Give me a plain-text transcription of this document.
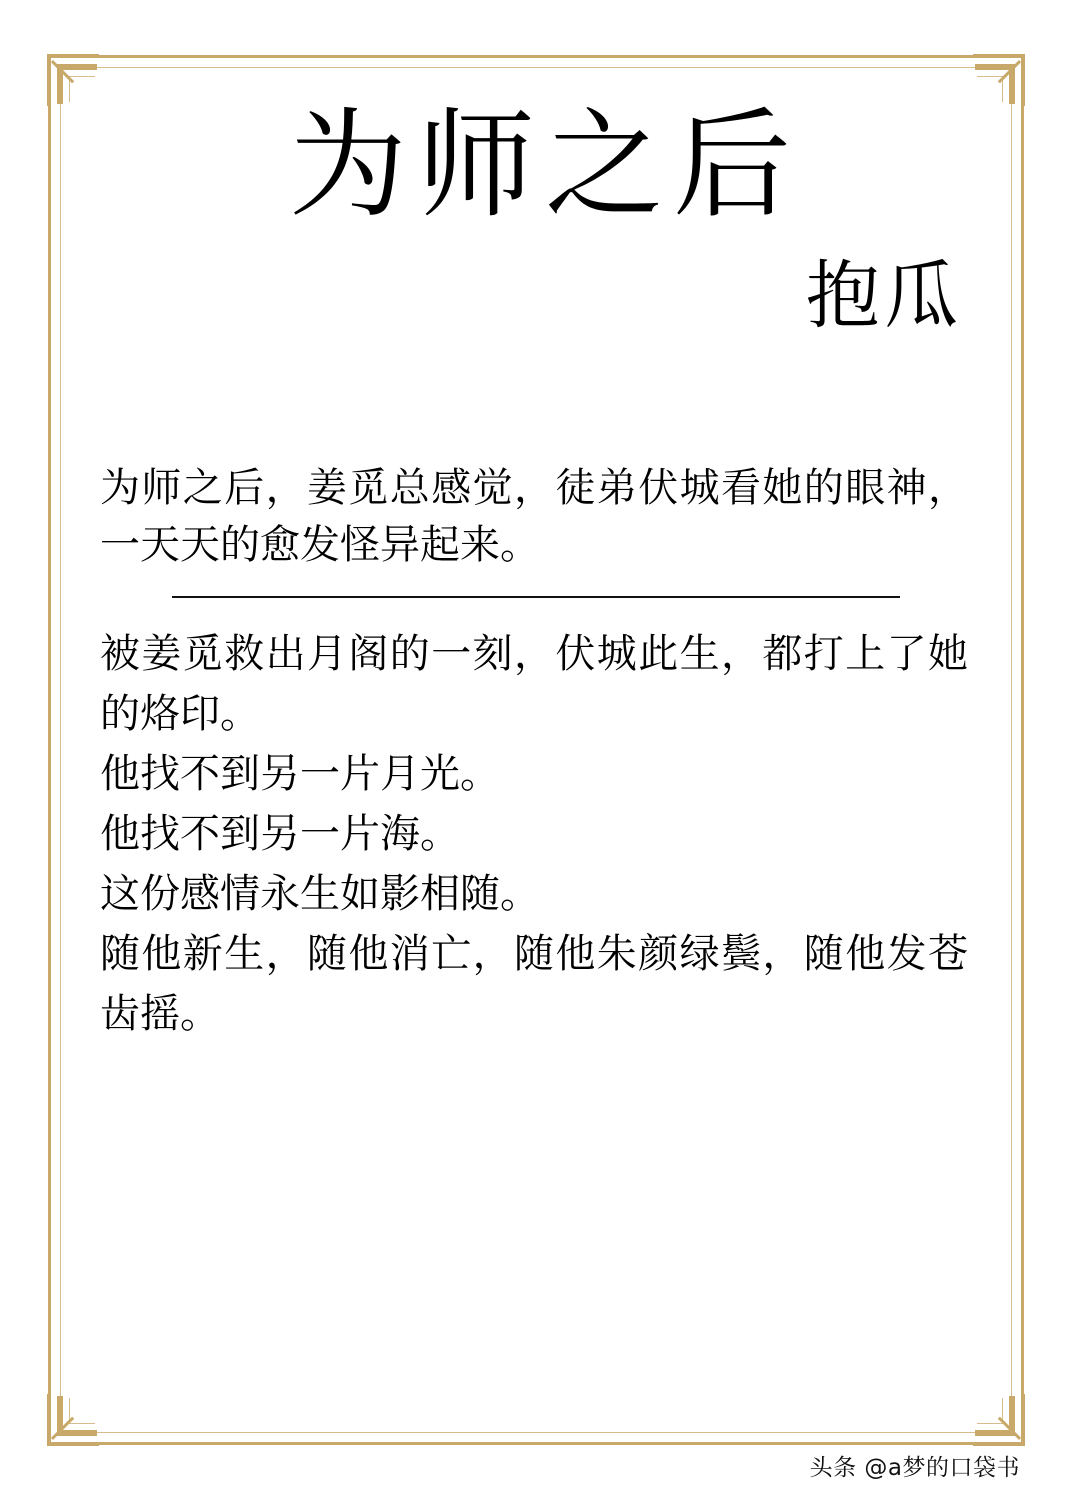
为师之后
抱瓜
为师之后，姜觅总感觉，徒弟伏城看她的眼神，一天天的愈发怪异起来。

被姜觅救出月阁的一刻，伏城此生，都打上了她的烙印。

他找不到另一片月光。

他找不到另一片海。

这份感情永生如影相随。

随他新生，随他消亡，随他朱颜绿鬓，随他发苍齿摇。

头条 @a梦的口袋书
